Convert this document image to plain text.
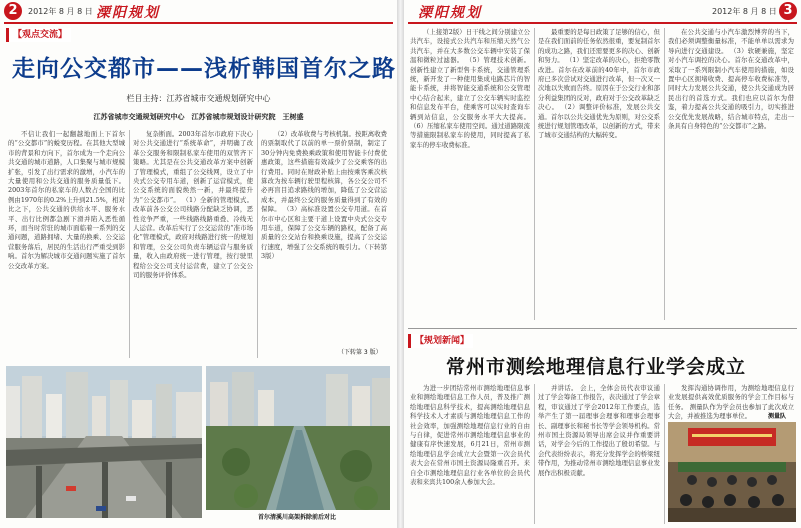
2	2012年 8 月 8 日 溧阳规划
【观点交流】
走向公交都市——浅析韩国首尔之路
栏目主持：江苏省城市交通规划研究中心
江苏省城市交通规划研究中心　江苏省城市规划设计研究院　王树盛
不信让我们一起翻越地面上下首尔的“公交都市”的蜕变历程。在其他大型城市的背景和方向下，首尔成为一个走向公共交通的城市道路，人口集聚与城市规模扩张，引发了出行需求的激增，小汽车的大量使用和公共交通的服务质量低下。2003年首尔的私家车的人数占全国的比例由1970年的0.2%上升到21.5%，相对比之下，公共交通的供给水平、服务水平、出行比例都急剧下滑并陷入恶性循环，而当时常驻的城市面临着一系列的交通问题，道路拥堵、大量的换乘、公交运营服务落后，居民的生活出行严重受到影响。首尔为解决城市交通问题实施了首尔公交改革方案。
复杂断面。2003年首尔市政府下决心对公共交通进行“系统革命”，并明确了改革公交服务和限制私家车使用的双管齐下策略。尤其是在公共交通改革方案中创新了管理模式，重组了公交线网，设立了中央式公交专用车道，创新了运营模式，使公交系统的面貌焕然一新，并最终提升为“公交都市”。 （1）全新的管理模式。改革前各公交公司线路分配缺乏协调，恶性竞争严重，一些线路线路重叠、冷线无人运营。改革后实行了公交运营的“准市场化”管理模式，政府对线路进行统一的规划和管理，公交公司负责车辆运营与服务质量，收入由政府统一进行管理，按行驶里程给公交公司支付运营费，建立了公交公司的服务评价体系。
（2）改革收费与考核机制。按距离收费的票制取代了以前的单一票价票制，制定了30分钟内免费换乘政策和使用智能卡付费优惠政策，这些措施有效减少了公交乘客的出行费用。同时在财政补贴上由按乘客乘次核算改为按车辆行驶里程核算，各公交公司不必再盲目追求路线的增加，降低了公交营运成本，并最终公交的服务质量得到了有效的保障。 （3）高标准设置公交专用道。在首尔市中心区和主要干道上设置中央式公交专用车道，保障了公交车辆的路权，配备了高质量的公交站台和换乘设施，提高了公交运行速度，增强了公交系统的吸引力。（下转第3版）
（下转第 3 版）
首尔清溪川高架拆除前后对比
溧阳规划	2012年 8 月 8 日 3
（上接第2版）日干线之间分别建立公共汽车，设接式公共汽车和压缩天然气公共汽车，并在大多数公交车辆中安装了保温和微粒过滤器。 （5）管理技术创新。创新性建立了新型售卡系统，交通管理系统，新开发了一种使用集成电路芯片的智能卡系统，并将智能交通系统和公交管理中心结合起来，建立了公交车辆实时监控和信息发布平台，使乘客可以实时查询车辆到站信息，公交服务水平大大提高。 （6）压缩私家车使用空间。通过道路限流等措施限制私家车的使用，同时提高了私家车的停车收费标准。
最重要的是每日政策了足够的信心，但是在我们面前的任务依然很重，要复制首尔的成功之路，我们还需要更多的决心、创新和努力。 （1）坚定改革的决心，拒绝零散改进。首尔在改革前的40年中，首尔市政府已多次尝试对交通进行改革，但一次又一次地以失败而告终。原因在于公交行业和部分利益集团的反对，政府对于公交改革缺乏决心。 （2）调整评价标准，发展公共交通。首尔以公共交通优先为原则，对公交系统进行规划管理改革，以创新的方式，带来了城市交通结构的大幅转变。
在公共交通与小汽车激烈博弈的当下，我们必须调整衡量标准，不能单单以需求为导向进行交通建设。 （3）软硬兼施，坚定对小汽车调控的决心。首尔在交通改革中，采取了一系列限制小汽车使用的措施，如设置中心区拥堵收费、提高停车收费标准等，同时大力发展公共交通，使公共交通成为居民出行的首选方式。我们也应以首尔为借鉴，着力提高公共交通的吸引力，切实推进公交优先发展战略，结合城市特点，走出一条具有自身特色的“公交都市”之路。
【规划新闻】
常州市测绘地理信息行业学会成立
为进一步团结常州市测绘地理信息事业和测绘地理信息工作人员，普及推广测绘地理信息科学技术，提高测绘地理信息科学技术人才素质与测绘地理信息工作的社会效率，加强测绘地理信息行业的自由与自律，促进常州市测绘地理信息事业的健康有序快速发展，6月21日，常州市测绘地理信息学会成立大会暨第一次会员代表大会在常州市国土资源局隆重召开。来自全市测绘地理信息行业各单位的会员代表和来宾共100余人参加大会。
并讲话。 会上，全体会员代表审议通过了学会筹备工作报告，表决通过了学会章程，审议通过了学会2012年工作要点，选举产生了第一届理事会理事和理事会理事长、副理事长和秘书长等学会领导机构。常州市国土资源局领导出席会议并作重要讲话，对学会今后的工作提出了殷切希望。与会代表纷纷表示，将充分发挥学会的桥梁纽带作用，为推动常州市测绘地理信息事业发展作出积极贡献。
发挥沟通协调作用，为测绘地理信息行业发展提供高效优质服务的学会工作目标与任务。 测量队作为学会员也参加了此次成立大会，并被推选为理事单位。	测量队
